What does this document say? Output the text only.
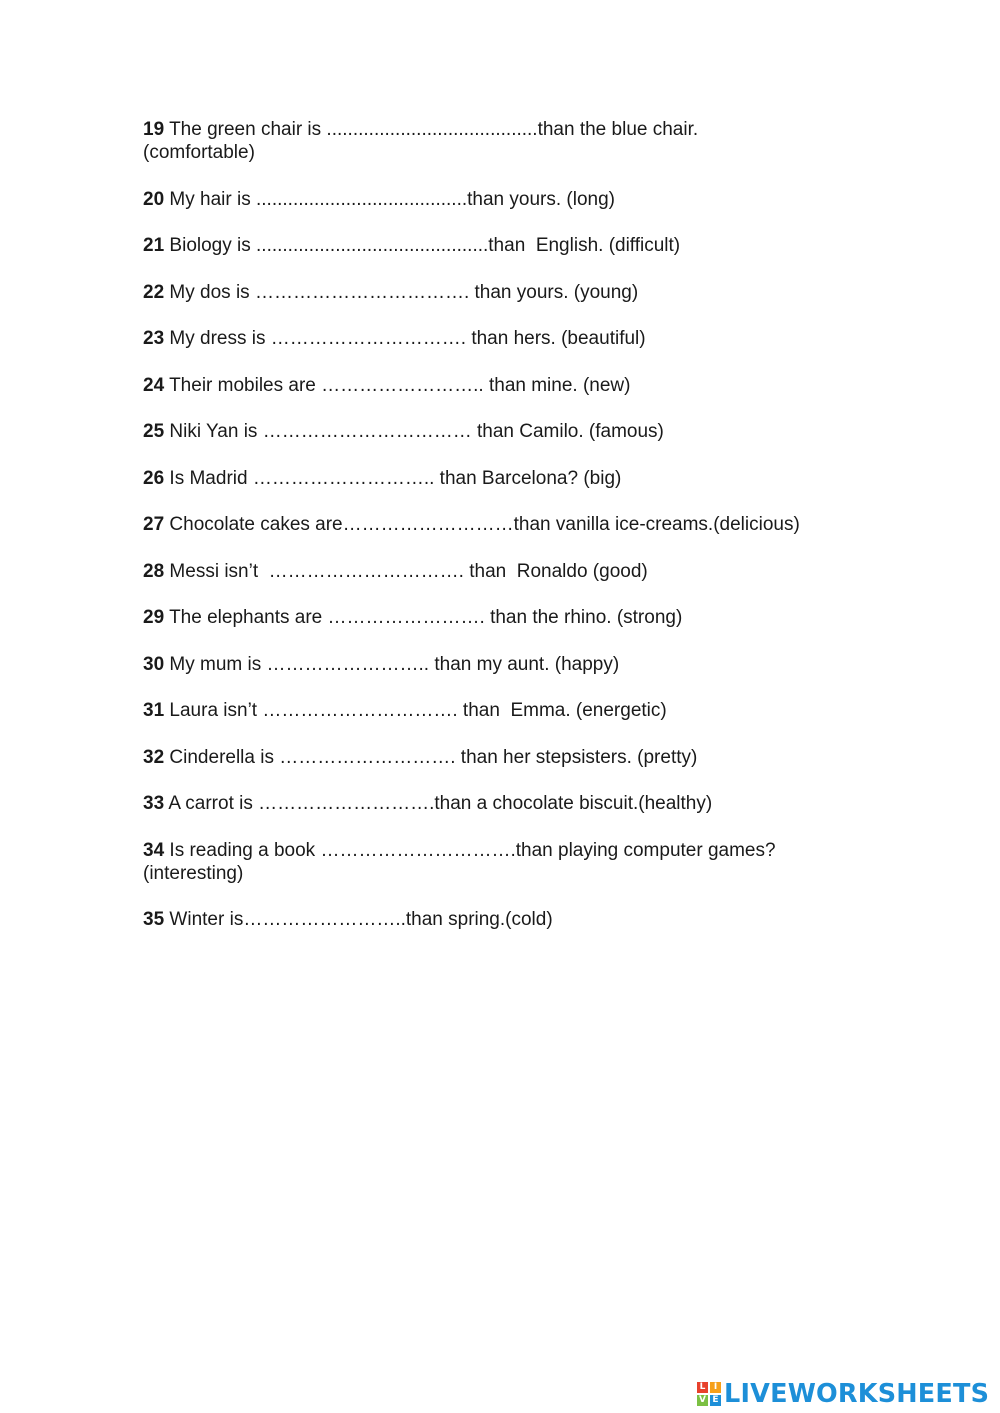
19 The green chair is ........................................than the blue chair.
(comfortable)

20 My hair is ........................................than yours. (long)

21 Biology is ............................................than  English. (difficult)

22 My dos is ……………………………. than yours. (young)

23 My dress is …………………………. than hers. (beautiful)

24 Their mobiles are …………………….. than mine. (new)

25 Niki Yan is …………………………… than Camilo. (famous)

26 Is Madrid ……………………….. than Barcelona? (big)

27 Chocolate cakes are………………………than vanilla ice-creams.(delicious)

28 Messi isn’t  …………………………. than  Ronaldo (good)

29 The elephants are ……………………. than the rhino. (strong)

30 My mum is …………………….. than my aunt. (happy)

31 Laura isn’t …………………………. than  Emma. (energetic)

32 Cinderella is ………………………. than her stepsisters. (pretty)

33 A carrot is ……………………….than a chocolate biscuit.(healthy)

34 Is reading a book ………………………….than playing computer games?
(interesting)

35 Winter is……………………..than spring.(cold)

L I
V E LIVEWORKSHEETS
